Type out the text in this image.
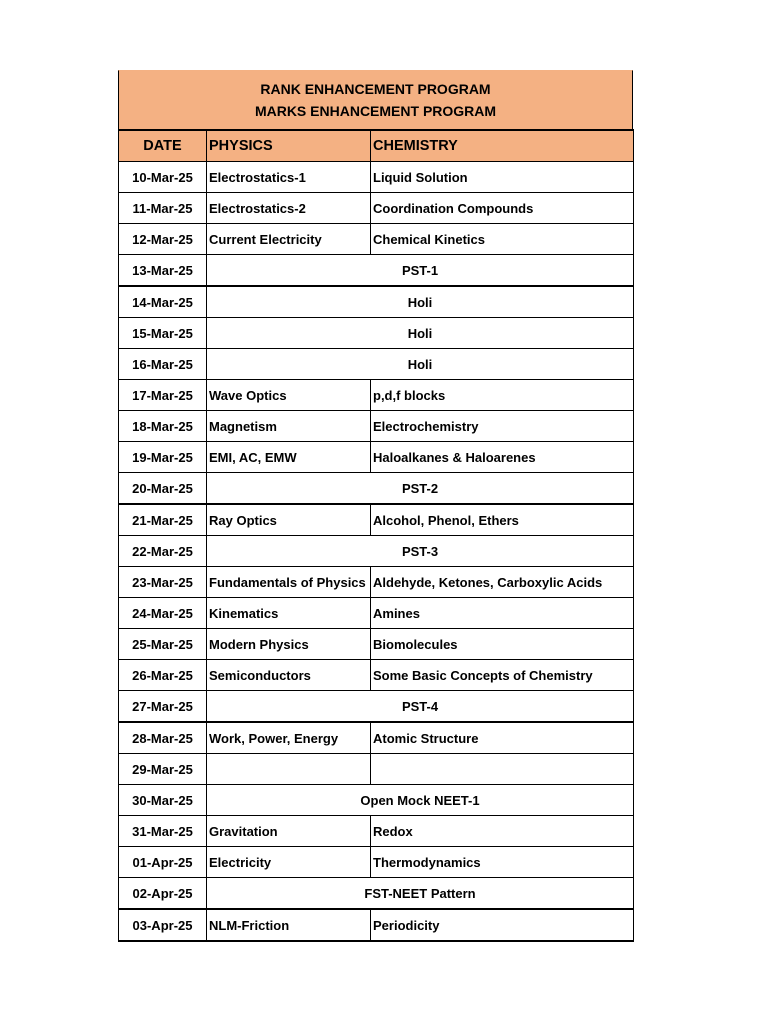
RANK ENHANCEMENT PROGRAM
MARKS ENHANCEMENT PROGRAM
DATE	PHYSICS	CHEMISTRY
10-Mar-25	Electrostatics-1	Liquid Solution
11-Mar-25	Electrostatics-2	Coordination Compounds
12-Mar-25	Current Electricity	Chemical Kinetics
13-Mar-25	PST-1	
14-Mar-25	Holi	
15-Mar-25	Holi	
16-Mar-25	Holi	
17-Mar-25	Wave Optics	p,d,f blocks
18-Mar-25	Magnetism	Electrochemistry
19-Mar-25	EMI, AC, EMW	Haloalkanes & Haloarenes
20-Mar-25	PST-2	
21-Mar-25	Ray Optics	Alcohol, Phenol, Ethers
22-Mar-25	PST-3	
23-Mar-25	Fundamentals of Physics	Aldehyde, Ketones, Carboxylic Acids
24-Mar-25	Kinematics	Amines
25-Mar-25	Modern Physics	Biomolecules
26-Mar-25	Semiconductors	Some Basic Concepts of Chemistry
27-Mar-25	PST-4	
28-Mar-25	Work, Power, Energy	Atomic Structure
29-Mar-25		
30-Mar-25	Open Mock NEET-1	
31-Mar-25	Gravitation	Redox
01-Apr-25	Electricity	Thermodynamics
02-Apr-25	FST-NEET Pattern	
03-Apr-25	NLM-Friction	Periodicity
